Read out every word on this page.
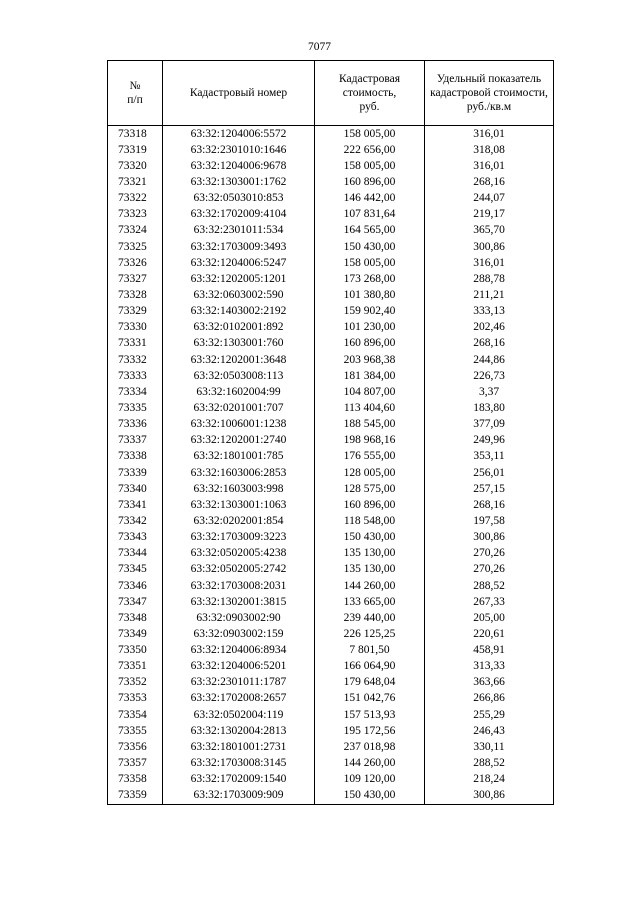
7077
№
п/п	Кадастровый номер	Кадастровая стоимость, руб.	Удельный показатель кадастровой стоимости, руб./кв.м
73318	63:32:1204006:5572	158 005,00	316,01
73319	63:32:2301010:1646	222 656,00	318,08
73320	63:32:1204006:9678	158 005,00	316,01
73321	63:32:1303001:1762	160 896,00	268,16
73322	63:32:0503010:853	146 442,00	244,07
73323	63:32:1702009:4104	107 831,64	219,17
73324	63:32:2301011:534	164 565,00	365,70
73325	63:32:1703009:3493	150 430,00	300,86
73326	63:32:1204006:5247	158 005,00	316,01
73327	63:32:1202005:1201	173 268,00	288,78
73328	63:32:0603002:590	101 380,80	211,21
73329	63:32:1403002:2192	159 902,40	333,13
73330	63:32:0102001:892	101 230,00	202,46
73331	63:32:1303001:760	160 896,00	268,16
73332	63:32:1202001:3648	203 968,38	244,86
73333	63:32:0503008:113	181 384,00	226,73
73334	63:32:1602004:99	104 807,00	3,37
73335	63:32:0201001:707	113 404,60	183,80
73336	63:32:1006001:1238	188 545,00	377,09
73337	63:32:1202001:2740	198 968,16	249,96
73338	63:32:1801001:785	176 555,00	353,11
73339	63:32:1603006:2853	128 005,00	256,01
73340	63:32:1603003:998	128 575,00	257,15
73341	63:32:1303001:1063	160 896,00	268,16
73342	63:32:0202001:854	118 548,00	197,58
73343	63:32:1703009:3223	150 430,00	300,86
73344	63:32:0502005:4238	135 130,00	270,26
73345	63:32:0502005:2742	135 130,00	270,26
73346	63:32:1703008:2031	144 260,00	288,52
73347	63:32:1302001:3815	133 665,00	267,33
73348	63:32:0903002:90	239 440,00	205,00
73349	63:32:0903002:159	226 125,25	220,61
73350	63:32:1204006:8934	7 801,50	458,91
73351	63:32:1204006:5201	166 064,90	313,33
73352	63:32:2301011:1787	179 648,04	363,66
73353	63:32:1702008:2657	151 042,76	266,86
73354	63:32:0502004:119	157 513,93	255,29
73355	63:32:1302004:2813	195 172,56	246,43
73356	63:32:1801001:2731	237 018,98	330,11
73357	63:32:1703008:3145	144 260,00	288,52
73358	63:32:1702009:1540	109 120,00	218,24
73359	63:32:1703009:909	150 430,00	300,86
